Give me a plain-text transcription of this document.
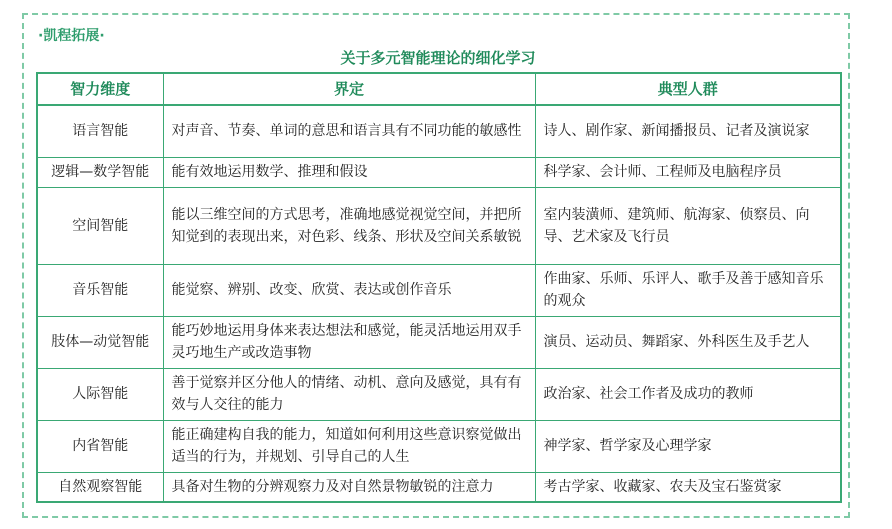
·凯程拓展·
关于多元智能理论的细化学习
智力维度	界定	典型人群
语言智能	对声音、节奏、单词的意思和语言具有不同功能的敏感性	诗人、剧作家、新闻播报员、记者及演说家
逻辑—数学智能	能有效地运用数学、推理和假设	科学家、会计师、工程师及电脑程序员
空间智能	能以三维空间的方式思考，准确地感觉视觉空间，并把所知觉到的表现出来，对色彩、线条、形状及空间关系敏锐	室内装潢师、建筑师、航海家、侦察员、向导、艺术家及飞行员
音乐智能	能觉察、辨别、改变、欣赏、表达或创作音乐	作曲家、乐师、乐评人、歌手及善于感知音乐的观众
肢体—动觉智能	能巧妙地运用身体来表达想法和感觉，能灵活地运用双手灵巧地生产或改造事物	演员、运动员、舞蹈家、外科医生及手艺人
人际智能	善于觉察并区分他人的情绪、动机、意向及感觉，具有有效与人交往的能力	政治家、社会工作者及成功的教师
内省智能	能正确建构自我的能力，知道如何利用这些意识察觉做出适当的行为，并规划、引导自己的人生	神学家、哲学家及心理学家
自然观察智能	具备对生物的分辨观察力及对自然景物敏锐的注意力	考古学家、收藏家、农夫及宝石鉴赏家
